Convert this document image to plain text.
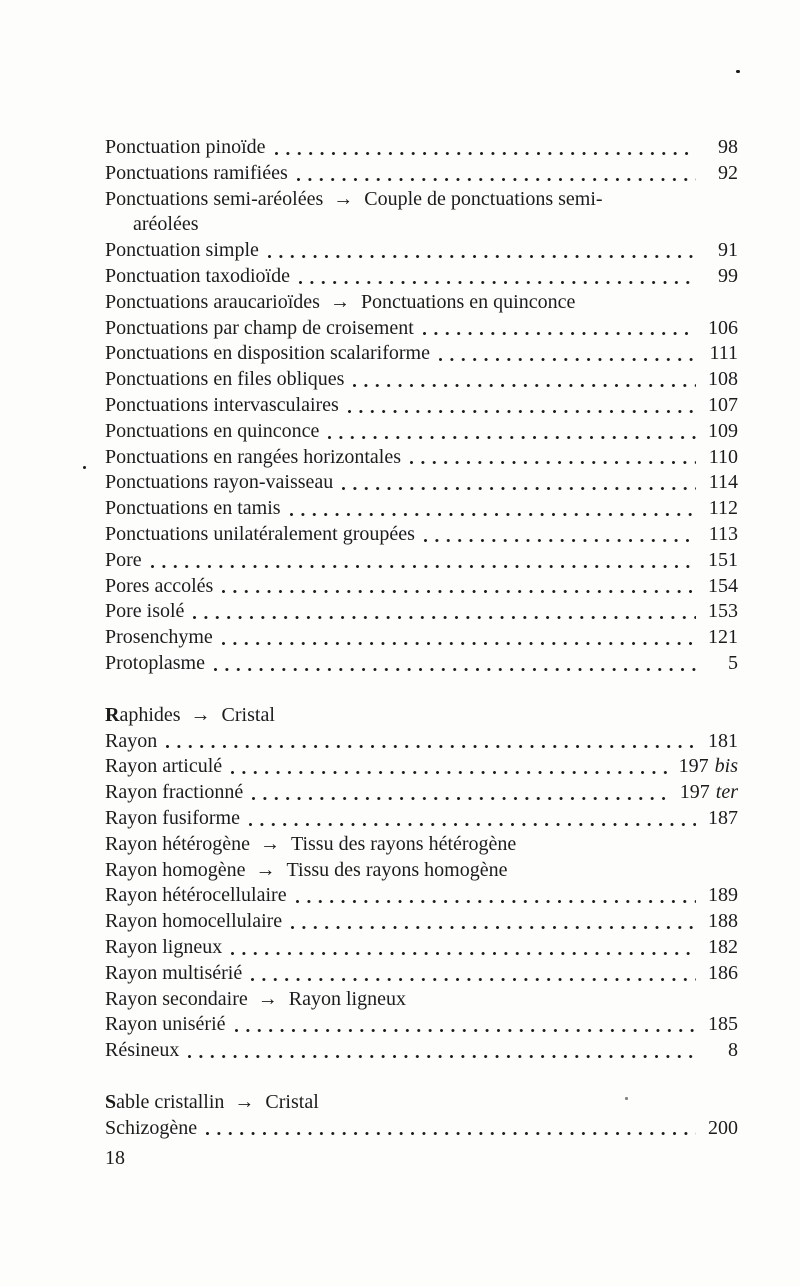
Ponctuation pinoïde	98
Ponctuations ramifiées	92
Ponctuations semi-aréolées → Couple de ponctuations semi-
aréolées
Ponctuation simple	91
Ponctuation taxodioïde	99
Ponctuations araucarioïdes → Ponctuations en quinconce
Ponctuations par champ de croisement	106
Ponctuations en disposition scalariforme	111
Ponctuations en files obliques	108
Ponctuations intervasculaires	107
Ponctuations en quinconce	109
Ponctuations en rangées horizontales	110
Ponctuations rayon-vaisseau	114
Ponctuations en tamis	112
Ponctuations unilatéralement groupées	113
Pore	151
Pores accolés	154
Pore isolé	153
Prosenchyme	121
Protoplasme	5
Raphides → Cristal
Rayon	181
Rayon articulé	197 bis
Rayon fractionné	197 ter
Rayon fusiforme	187
Rayon hétérogène → Tissu des rayons hétérogène
Rayon homogène → Tissu des rayons homogène
Rayon hétérocellulaire	189
Rayon homocellulaire	188
Rayon ligneux	182
Rayon multisérié	186
Rayon secondaire → Rayon ligneux
Rayon unisérié	185
Résineux	8
Sable cristallin → Cristal
Schizogène	200
18
